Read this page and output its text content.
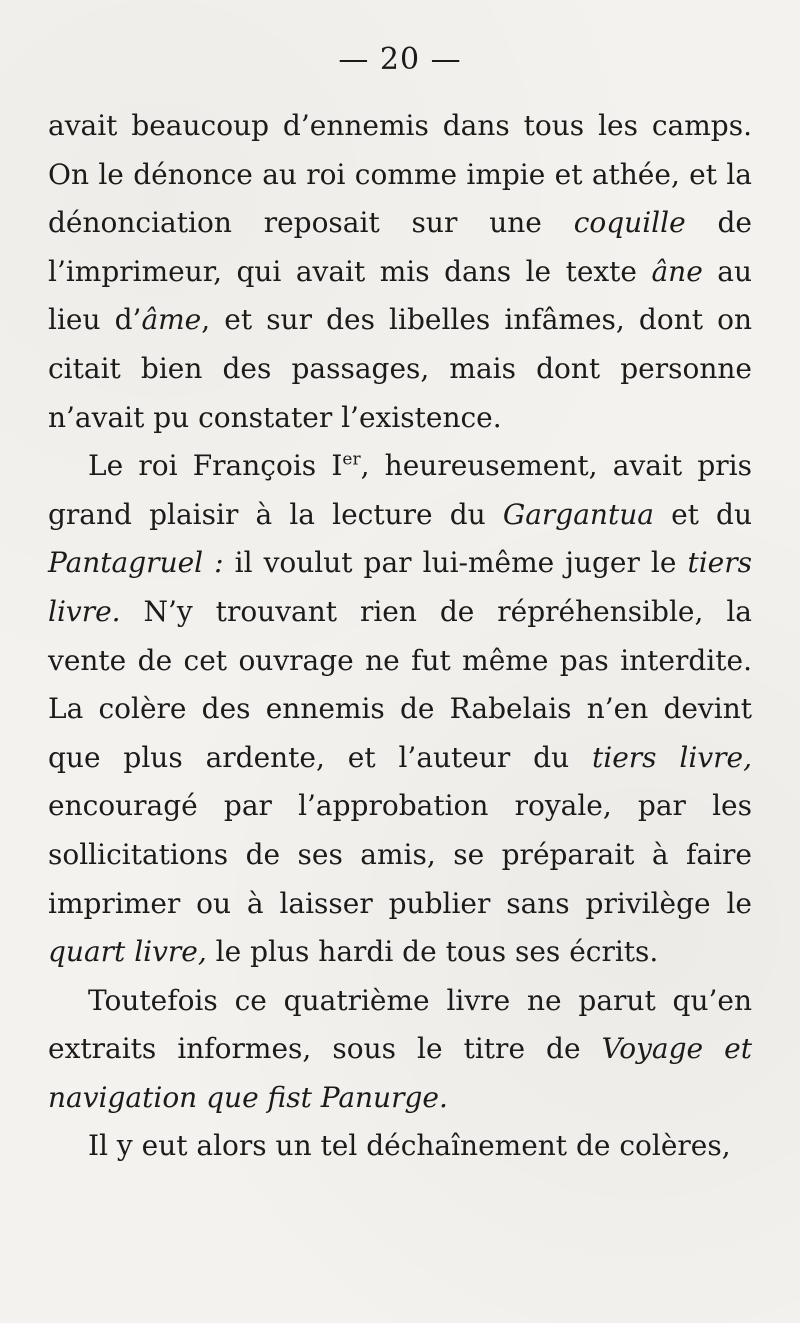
— 20 —

avait beaucoup d’ennemis dans tous les camps. On le dénonce au roi comme impie et athée, et la dénonciation reposait sur une coquille de l’imprimeur, qui avait mis dans le texte âne au lieu d’âme, et sur des libelles infâmes, dont on citait bien des passages, mais dont personne n’avait pu constater l’existence.

Le roi François Ier, heureusement, avait pris grand plaisir à la lecture du Gargantua et du Pantagruel : il voulut par lui-même juger le tiers livre. N’y trouvant rien de répréhensible, la vente de cet ouvrage ne fut même pas interdite. La colère des ennemis de Rabelais n’en devint que plus ardente, et l’auteur du tiers livre, encouragé par l’approbation royale, par les sollicitations de ses amis, se préparait à faire imprimer ou à laisser publier sans privilège le quart livre, le plus hardi de tous ses écrits.

Toutefois ce quatrième livre ne parut qu’en extraits informes, sous le titre de Voyage et navigation que fist Panurge.

Il y eut alors un tel déchaînement de colères,
